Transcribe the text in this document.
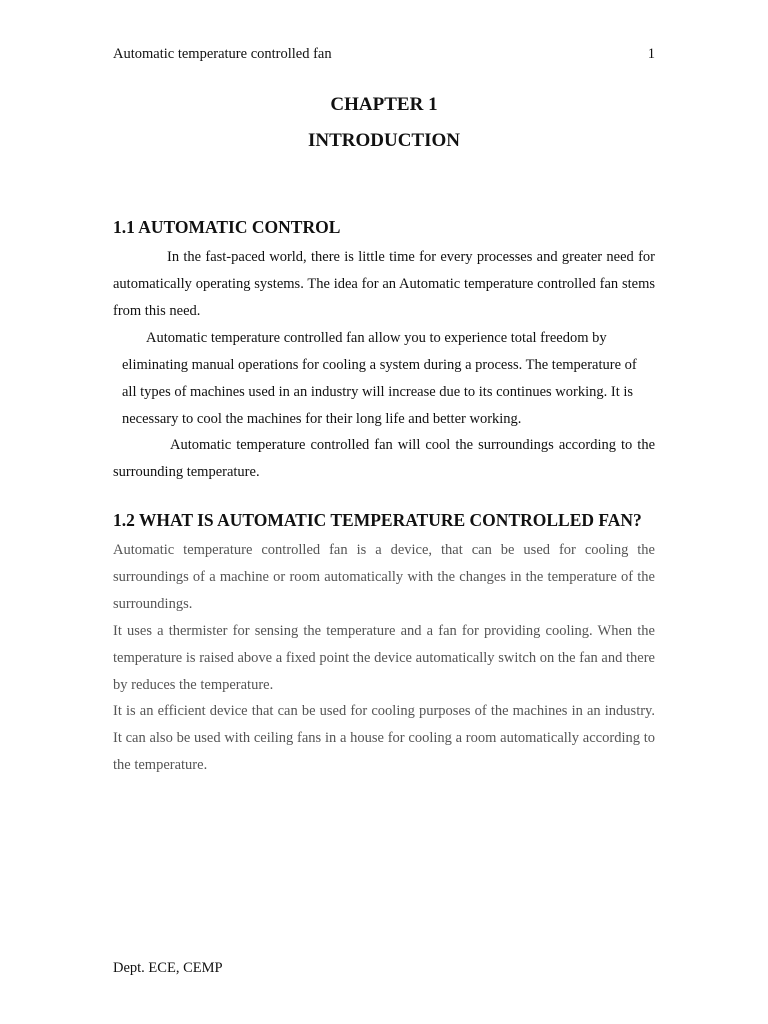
Automatic temperature controlled fan	1
CHAPTER 1
INTRODUCTION
1.1 AUTOMATIC CONTROL
In the fast-paced world, there is little time for every processes and greater need for automatically operating systems. The idea for an Automatic temperature controlled fan stems from this need.
Automatic temperature controlled fan allow you to experience total freedom by eliminating manual operations for cooling a system during a process. The temperature of all types of machines used in an industry will increase due to its continues working. It is necessary to cool the machines for their long life and better working.
Automatic temperature controlled fan will cool the surroundings according to the surrounding temperature.
1.2 WHAT IS AUTOMATIC TEMPERATURE CONTROLLED FAN?
Automatic temperature controlled fan is a device, that can be used for cooling the surroundings of a machine or room automatically with the changes in the temperature of the surroundings.
It uses a thermister for sensing the temperature and a fan for providing cooling. When the temperature is raised above a fixed point the device automatically switch on the fan and there by reduces the temperature.
It is an efficient device that can be used for cooling purposes of the machines in an industry. It can also be used with ceiling fans in a house for cooling a room automatically according to the temperature.
Dept. ECE, CEMP
